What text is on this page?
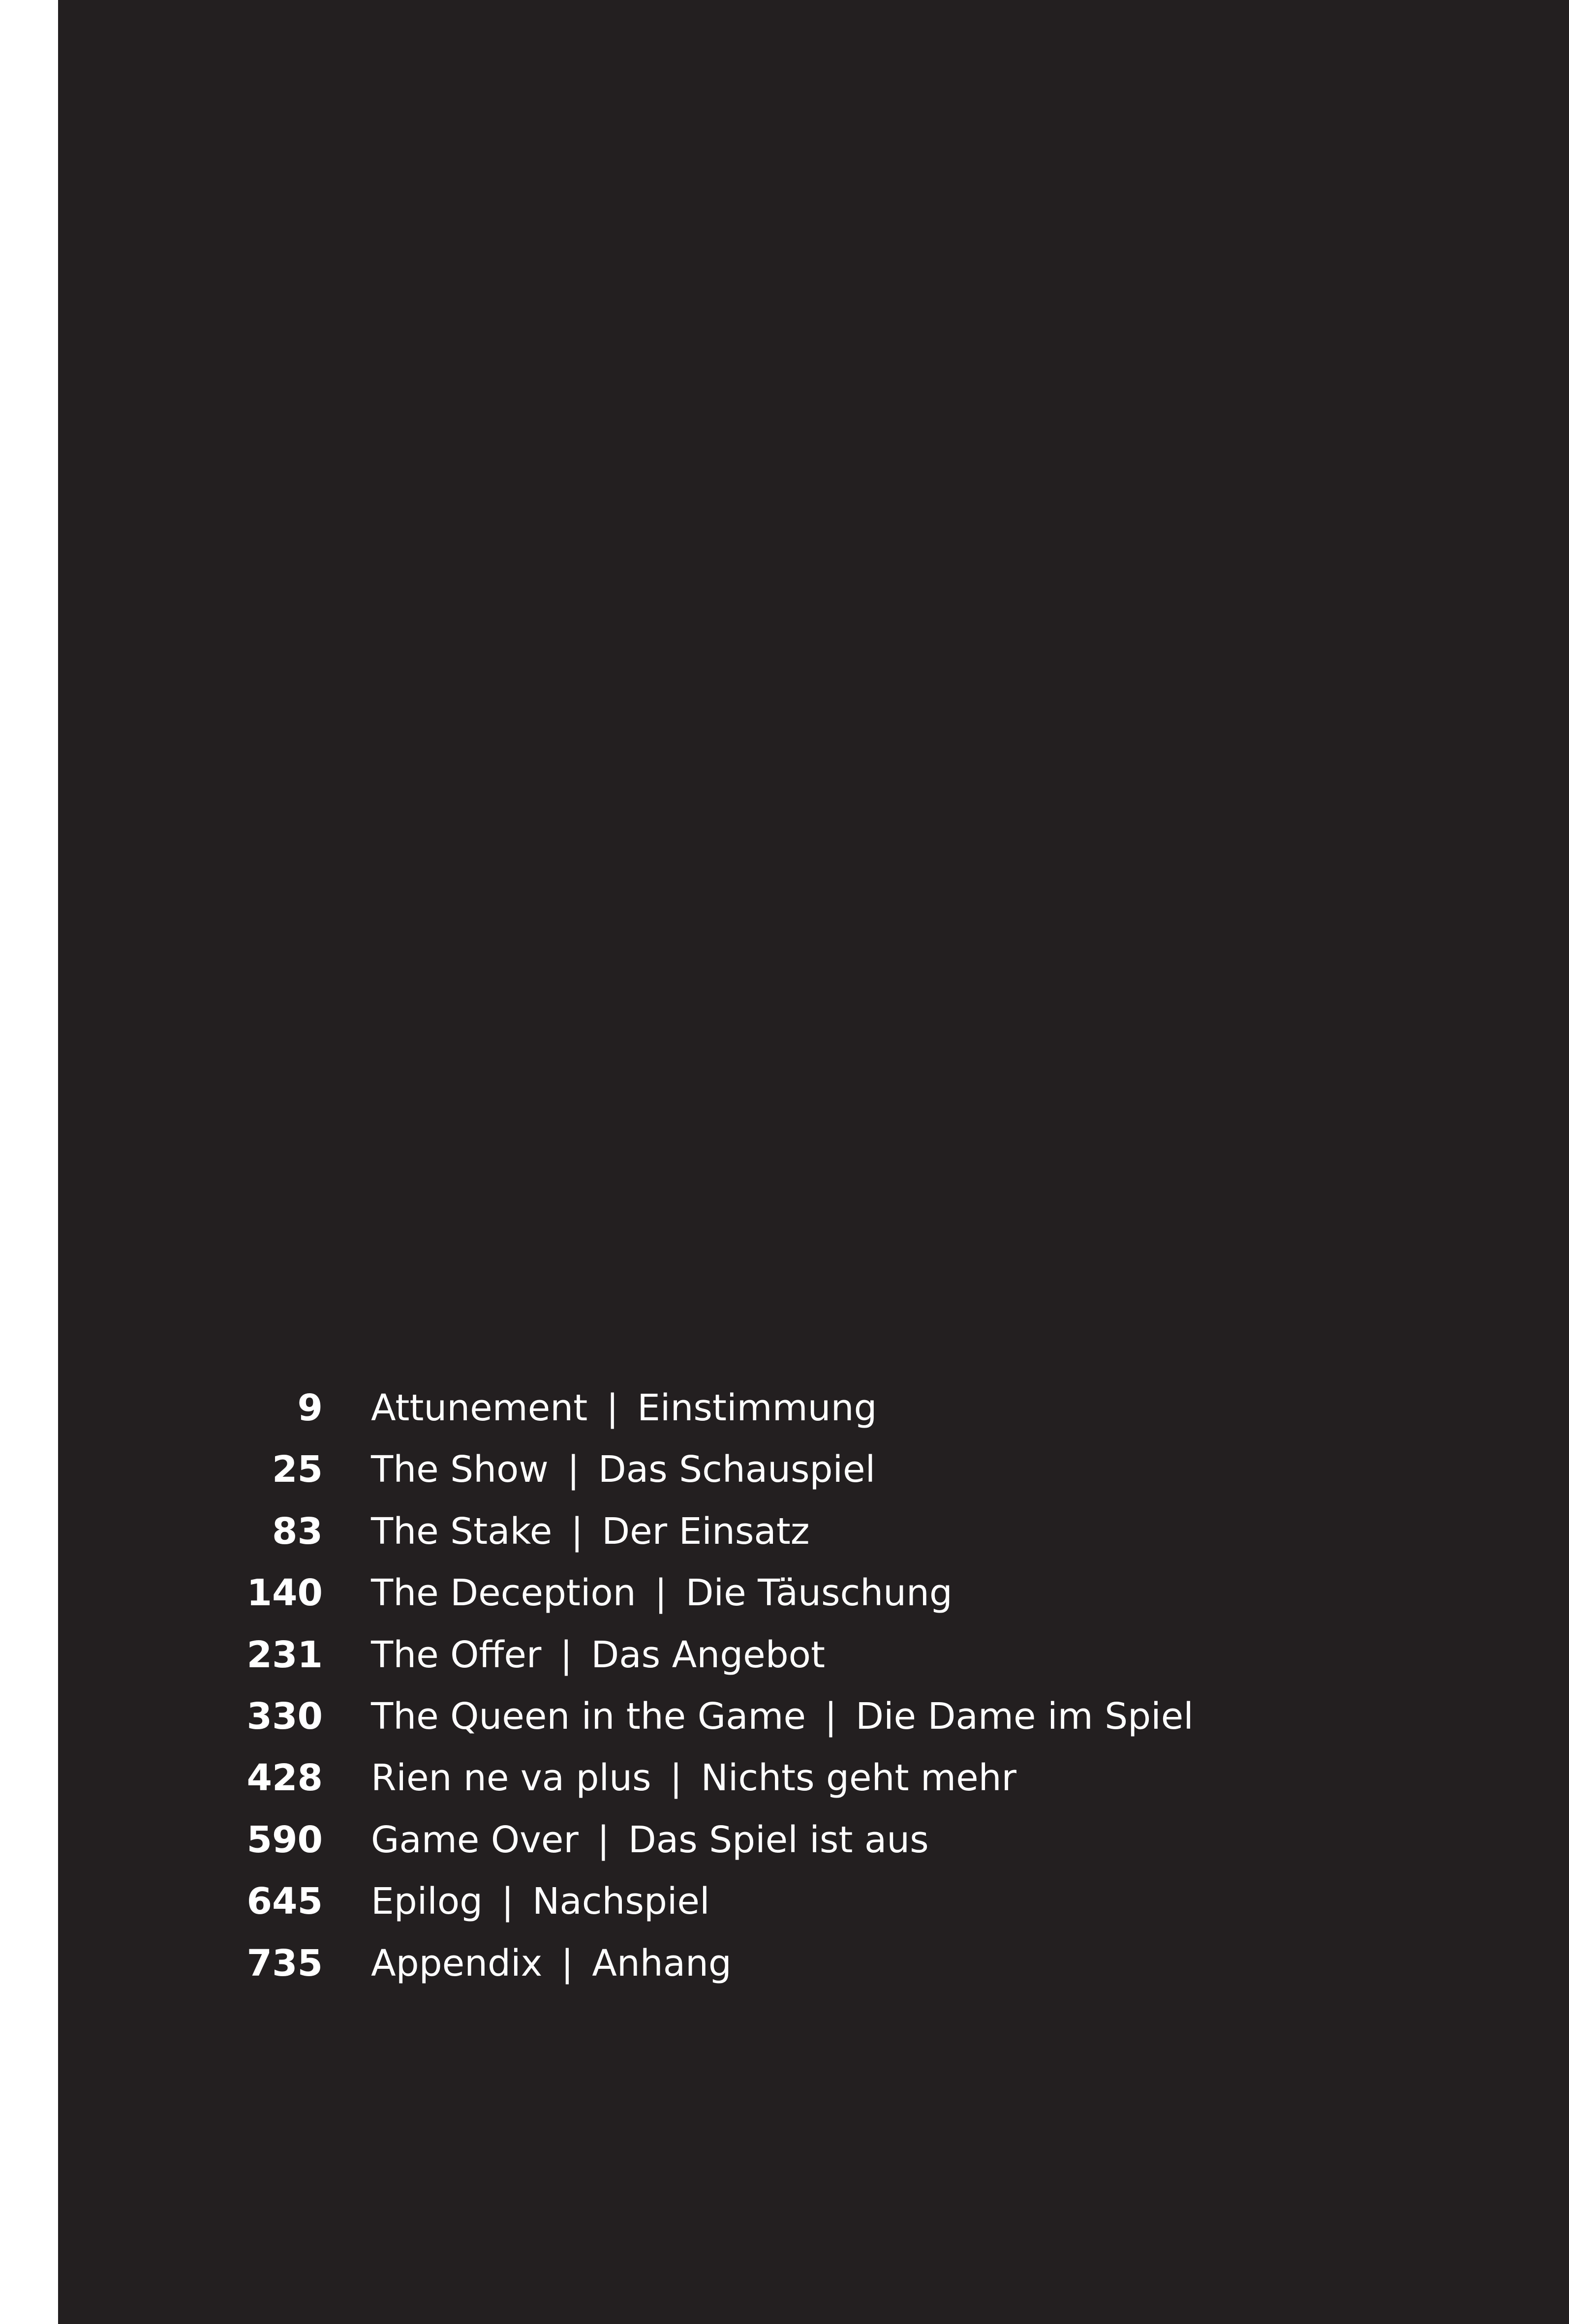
9 Attunement | Einstimmung
25 The Show | Das Schauspiel
83 The Stake | Der Einsatz
140 The Deception | Die Täuschung
231 The Offer | Das Angebot
330 The Queen in the Game | Die Dame im Spiel
428 Rien ne va plus | Nichts geht mehr
590 Game Over | Das Spiel ist aus
645 Epilog | Nachspiel
735 Appendix | Anhang
